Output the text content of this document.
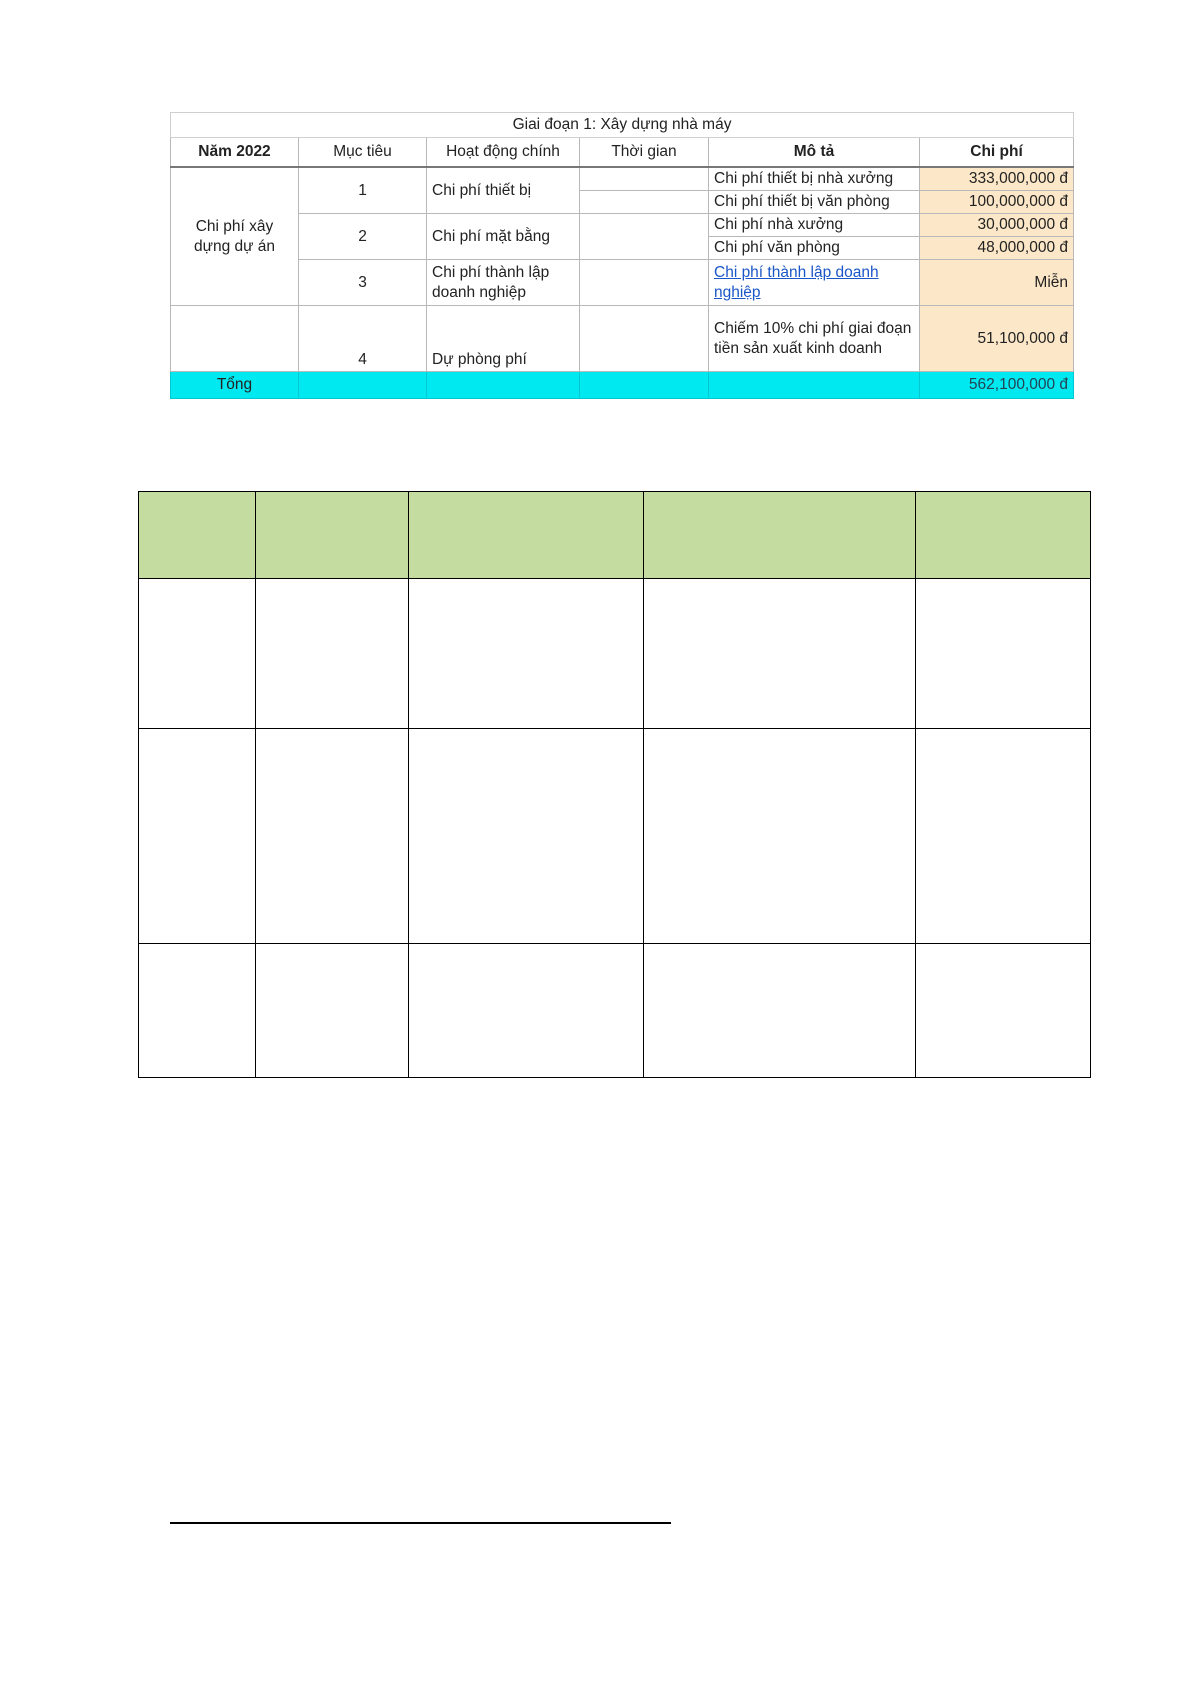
Giai đoạn 1: Xây dựng nhà máy					
Năm 2022	Mục tiêu	Hoạt động chính	Thời gian	Mô tả	Chi phí
Chi phí xây dựng dự án	1	Chi phí thiết bị		Chi phí thiết bị nhà xưởng	333,000,000 đ
				Chi phí thiết bị văn phòng	100,000,000 đ
	2	Chi phí mặt bằng		Chi phí nhà xưởng	30,000,000 đ
				Chi phí văn phòng	48,000,000 đ
	3	Chi phí thành lập doanh nghiệp		Chi phí thành lập doanh nghiệp	Miễn
	4	Dự phòng phí		Chiếm 10% chi phí giai đoạn tiền sản xuất kinh doanh	51,100,000 đ
Tổng					562,100,000 đ
